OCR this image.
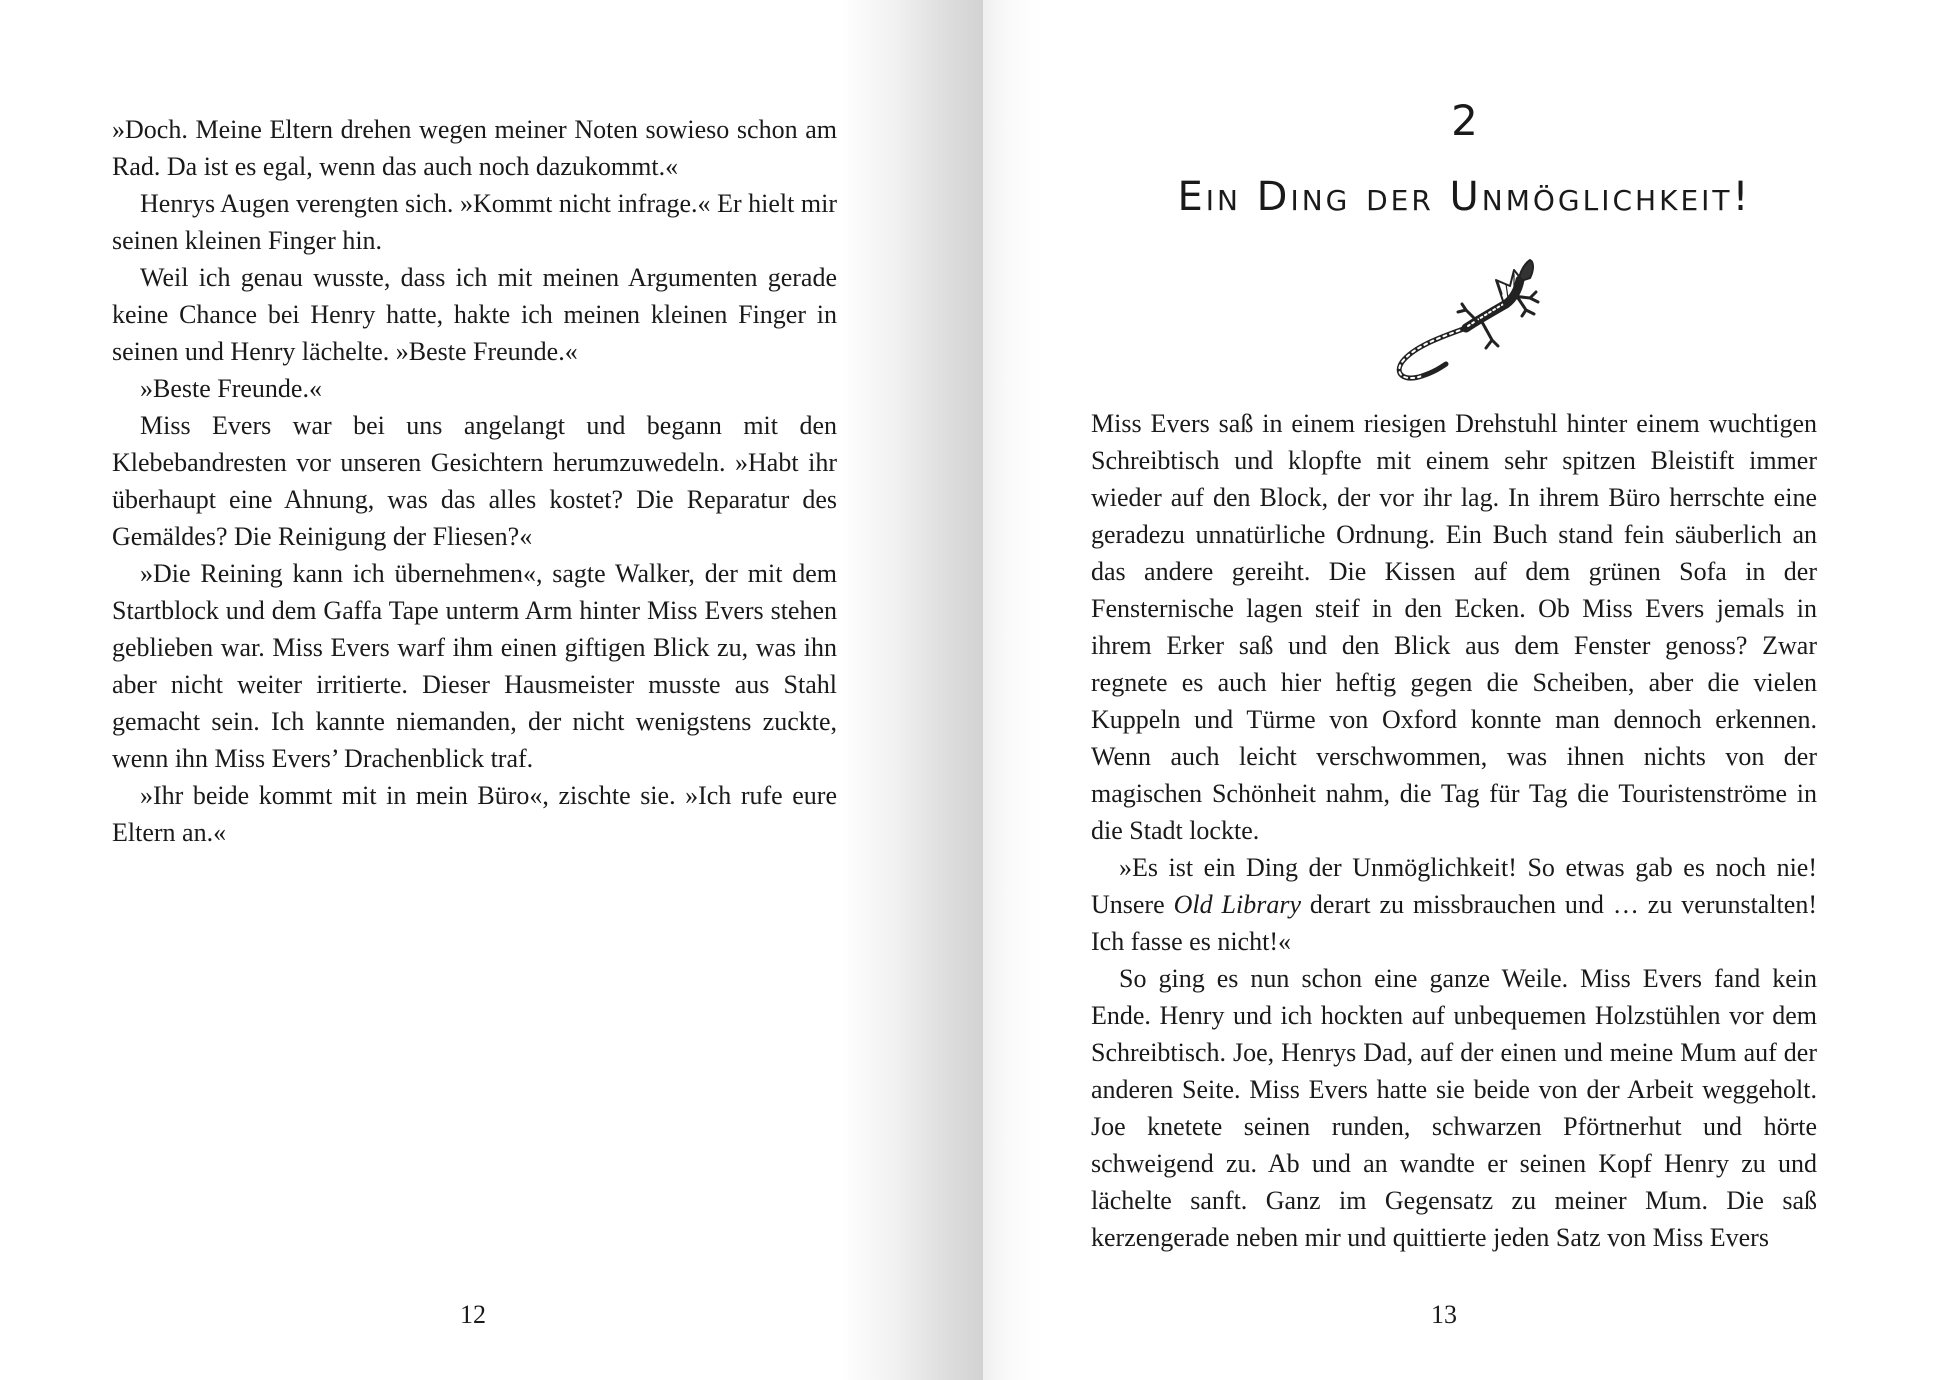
»Doch. Meine Eltern drehen wegen meiner Noten sowieso schon am Rad. Da ist es egal, wenn das auch noch dazukommt.«

Henrys Augen verengten sich. »Kommt nicht infrage.« Er hielt mir seinen kleinen Finger hin.

Weil ich genau wusste, dass ich mit meinen Argumenten gerade keine Chance bei Henry hatte, hakte ich meinen kleinen Finger in seinen und Henry lächelte. »Beste Freunde.«

»Beste Freunde.«

Miss Evers war bei uns angelangt und begann mit den Klebebandresten vor unseren Gesichtern herumzuwedeln. »Habt ihr überhaupt eine Ahnung, was das alles kostet? Die Reparatur des Gemäldes? Die Reinigung der Fliesen?«

»Die Reining kann ich übernehmen«, sagte Walker, der mit dem Startblock und dem Gaffa Tape unterm Arm hinter Miss Evers stehen geblieben war. Miss Evers warf ihm einen giftigen Blick zu, was ihn aber nicht weiter irritierte. Dieser Hausmeister musste aus Stahl gemacht sein. Ich kannte niemanden, der nicht wenigstens zuckte, wenn ihn Miss Evers’ Drachenblick traf.

»Ihr beide kommt mit in mein Büro«, zischte sie. »Ich rufe eure Eltern an.«

12
2
Ein Ding der Unmöglichkeit!

Miss Evers saß in einem riesigen Drehstuhl hinter einem wuchtigen Schreibtisch und klopfte mit einem sehr spitzen Bleistift immer wieder auf den Block, der vor ihr lag. In ihrem Büro herrschte eine geradezu unnatürliche Ordnung. Ein Buch stand fein säuberlich an das andere gereiht. Die Kissen auf dem grünen Sofa in der Fensternische lagen steif in den Ecken. Ob Miss Evers jemals in ihrem Erker saß und den Blick aus dem Fenster genoss? Zwar regnete es auch hier heftig gegen die Scheiben, aber die vielen Kuppeln und Türme von Oxford konnte man dennoch erkennen. Wenn auch leicht verschwommen, was ihnen nichts von der magischen Schönheit nahm, die Tag für Tag die Touristenströme in die Stadt lockte.

»Es ist ein Ding der Unmöglichkeit! So etwas gab es noch nie! Unsere Old Library derart zu missbrauchen und … zu verunstalten! Ich fasse es nicht!«

So ging es nun schon eine ganze Weile. Miss Evers fand kein Ende. Henry und ich hockten auf unbequemen Holzstühlen vor dem Schreibtisch. Joe, Henrys Dad, auf der einen und meine Mum auf der anderen Seite. Miss Evers hatte sie beide von der Arbeit weggeholt. Joe knetete seinen runden, schwarzen Pförtnerhut und hörte schweigend zu. Ab und an wandte er seinen Kopf Henry zu und lächelte sanft. Ganz im Gegensatz zu meiner Mum. Die saß kerzengerade neben mir und quittierte jeden Satz von Miss Evers

13
